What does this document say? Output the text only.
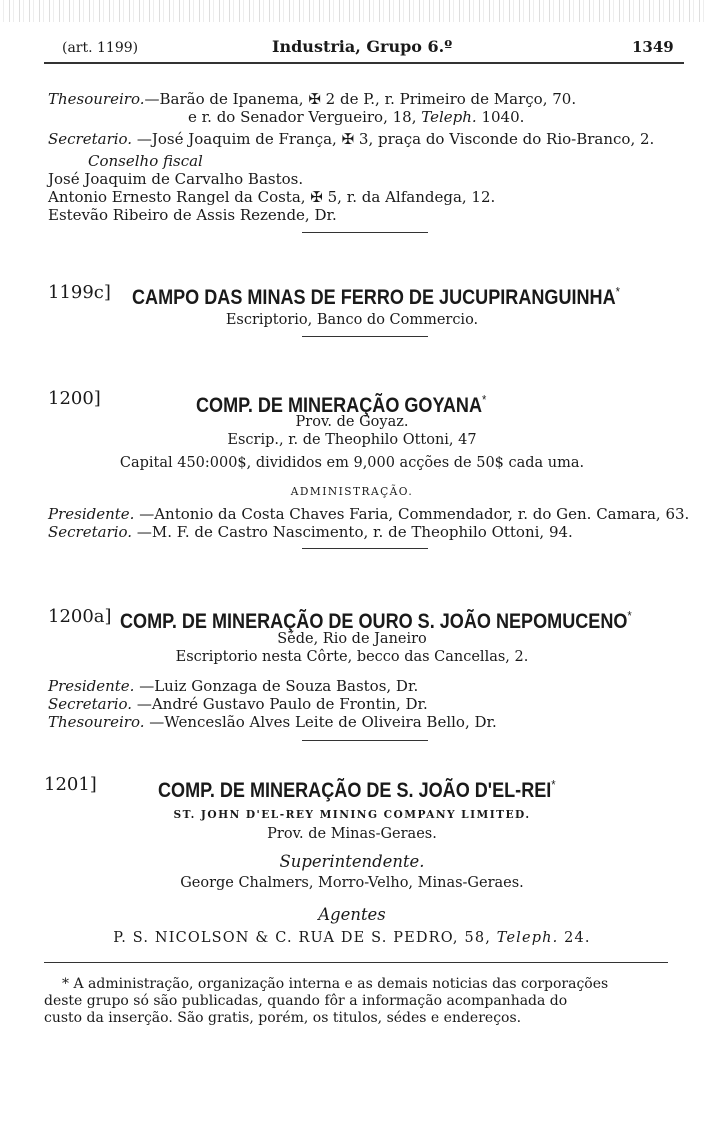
(art. 1199)	Industria, Grupo 6.º	1349
Thesoureiro.—Barão de Ipanema, ✠ 2 de P., r. Primeiro de Março, 70.
e r. do Senador Vergueiro, 18, Teleph. 1040.
Secretario. —José Joaquim de França, ✠ 3, praça do Visconde do Rio-Branco, 2.
Conselho fiscal
José Joaquim de Carvalho Bastos.
Antonio Ernesto Rangel da Costa, ✠ 5, r. da Alfandega, 12.
Estevão Ribeiro de Assis Rezende, Dr.
1199c] CAMPO DAS MINAS DE FERRO DE JUCUPIRANGUINHA*
Escriptorio, Banco do Commercio.
1200]	COMP. DE MINERAÇÃO GOYANA*
Prov. de Goyaz.
Escrip., r. de Theophilo Ottoni, 47
Capital 450:000$, divididos em 9,000 acções de 50$ cada uma.
ADMINISTRAÇÃO.
Presidente. —Antonio da Costa Chaves Faria, Commendador, r. do Gen. Camara, 63.
Secretario. —M. F. de Castro Nascimento, r. de Theophilo Ottoni, 94.
1200a] COMP. DE MINERAÇÃO DE OURO S. JOÃO NEPOMUCENO*
Séde, Rio de Janeiro
Escriptorio nesta Côrte, becco das Cancellas, 2.
Presidente. —Luiz Gonzaga de Souza Bastos, Dr.
Secretario. —André Gustavo Paulo de Frontin, Dr.
Thesoureiro. —Wenceslão Alves Leite de Oliveira Bello, Dr.
1201]	COMP. DE MINERAÇÃO DE S. JOÃO D'EL-REI*
ST. JOHN D'EL-REY MINING COMPANY LIMITED.
Prov. de Minas-Geraes.
Superintendente.
George Chalmers, Morro-Velho, Minas-Geraes.
Agentes
P. S. NICOLSON & C. RUA DE S. PEDRO, 58, Teleph. 24.
* A administração, organização interna e as demais noticias das corporações
deste grupo só são publicadas, quando fôr a informação acompanhada do
custo da inserção. São gratis, porém, os titulos, sédes e endereços.
